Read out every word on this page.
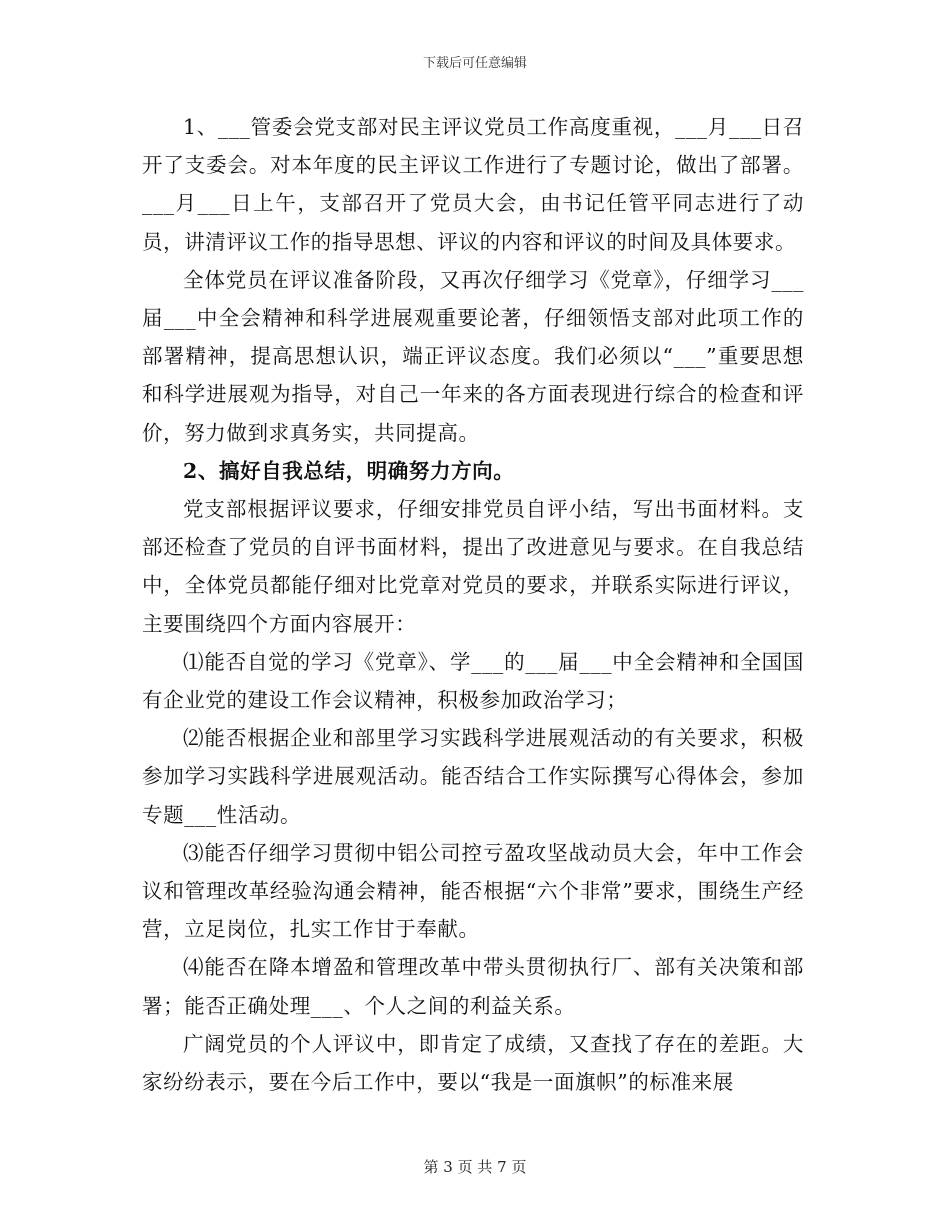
下载后可任意编辑

1、___管委会党支部对民主评议党员工作高度重视，___月___日召开了支委会。对本年度的民主评议工作进行了专题讨论，做出了部署。___月___日上午，支部召开了党员大会，由书记任管平同志进行了动员，讲清评议工作的指导思想、评议的内容和评议的时间及具体要求。

全体党员在评议准备阶段，又再次仔细学习《党章》，仔细学习___届___中全会精神和科学进展观重要论著，仔细领悟支部对此项工作的部署精神，提高思想认识，端正评议态度。我们必须以“___”重要思想和科学进展观为指导，对自己一年来的各方面表现进行综合的检查和评价，努力做到求真务实，共同提高。

2、搞好自我总结，明确努力方向。

党支部根据评议要求，仔细安排党员自评小结，写出书面材料。支部还检查了党员的自评书面材料，提出了改进意见与要求。在自我总结中，全体党员都能仔细对比党章对党员的要求，并联系实际进行评议，主要围绕四个方面内容展开：

⑴能否自觉的学习《党章》、学___的___届___中全会精神和全国国有企业党的建设工作会议精神，积极参加政治学习；

⑵能否根据企业和部里学习实践科学进展观活动的有关要求，积极参加学习实践科学进展观活动。能否结合工作实际撰写心得体会，参加专题___性活动。

⑶能否仔细学习贯彻中铝公司控亏盈攻坚战动员大会，年中工作会议和管理改革经验沟通会精神，能否根据“六个非常”要求，围绕生产经营，立足岗位，扎实工作甘于奉献。

⑷能否在降本增盈和管理改革中带头贯彻执行厂、部有关决策和部署；能否正确处理___、个人之间的利益关系。

广阔党员的个人评议中，即肯定了成绩，又查找了存在的差距。大家纷纷表示，要在今后工作中，要以“我是一面旗帜”的标准来展

第 3 页 共 7 页
